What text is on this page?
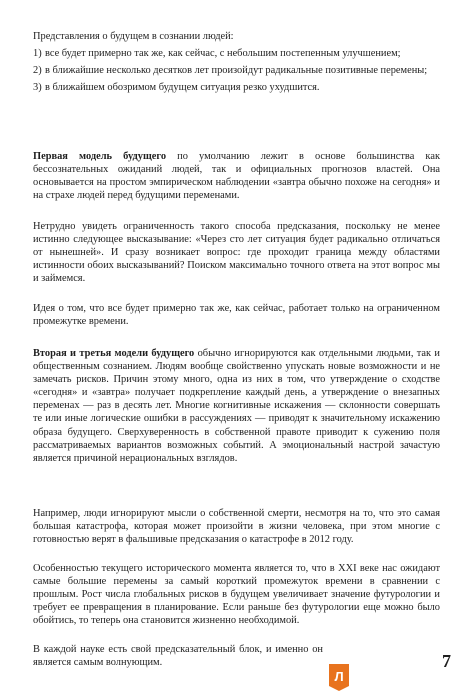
Представления о будущем в сознании людей:

1) все будет примерно так же, как сейчас, с небольшим постепенным улучшением;
2) в ближайшие несколько десятков лет произойдут радикальные позитивные перемены;
3) в ближайшем обозримом будущем ситуация резко ухудшится.

Первая модель будущего по умолчанию лежит в основе большинства как бессознательных ожиданий людей, так и официальных прогнозов властей. Она основывается на простом эмпирическом наблюдении «завтра обычно похоже на сегодня» и на страхе людей перед будущими переменами.

Нетрудно увидеть ограниченность такого способа предсказания, поскольку не менее истинно следующее высказывание: «Через сто лет ситуация будет радикально отличаться от нынешней». И сразу возникает вопрос: где проходит граница между областями истинности обоих высказываний? Поиском максимально точного ответа на этот вопрос мы и займемся.

Идея о том, что все будет примерно так же, как сейчас, работает только на ограниченном промежутке времени.

Вторая и третья модели будущего обычно игнорируются как отдельными людьми, так и общественным сознанием. Людям вообще свойственно упускать новые возможности и не замечать рисков. Причин этому много, одна из них в том, что утверждение о сходстве «сегодня» и «завтра» получает подкрепление каждый день, а утверждение о внезапных переменах — раз в десять лет. Многие когнитивные искажения — склонности совершать те или иные логические ошибки в рассуждениях — приводят к значительному искажению образа будущего. Сверхуверенность в собственной правоте приводит к сужению поля рассматриваемых вариантов возможных событий. А эмоциональный настрой зачастую является причиной нерациональных взглядов.

Например, люди игнорируют мысли о собственной смерти, несмотря на то, что это самая большая катастрофа, которая может произойти в жизни человека, при этом многие с готовностью верят в фальшивые предсказания о катастрофе в 2012 году.

Особенностью текущего исторического момента является то, что в XXI веке нас ожидают самые большие перемены за самый короткий промежуток времени в сравнении с прошлым. Рост числа глобальных рисков в будущем увеличивает значение футурологии и требует ее превращения в планирование. Если раньше без футурологии еще можно было обойтись, то теперь она становится жизненно необходимой.

В каждой науке есть свой предсказательный блок, и именно он является самым волнующим.	7
Л
